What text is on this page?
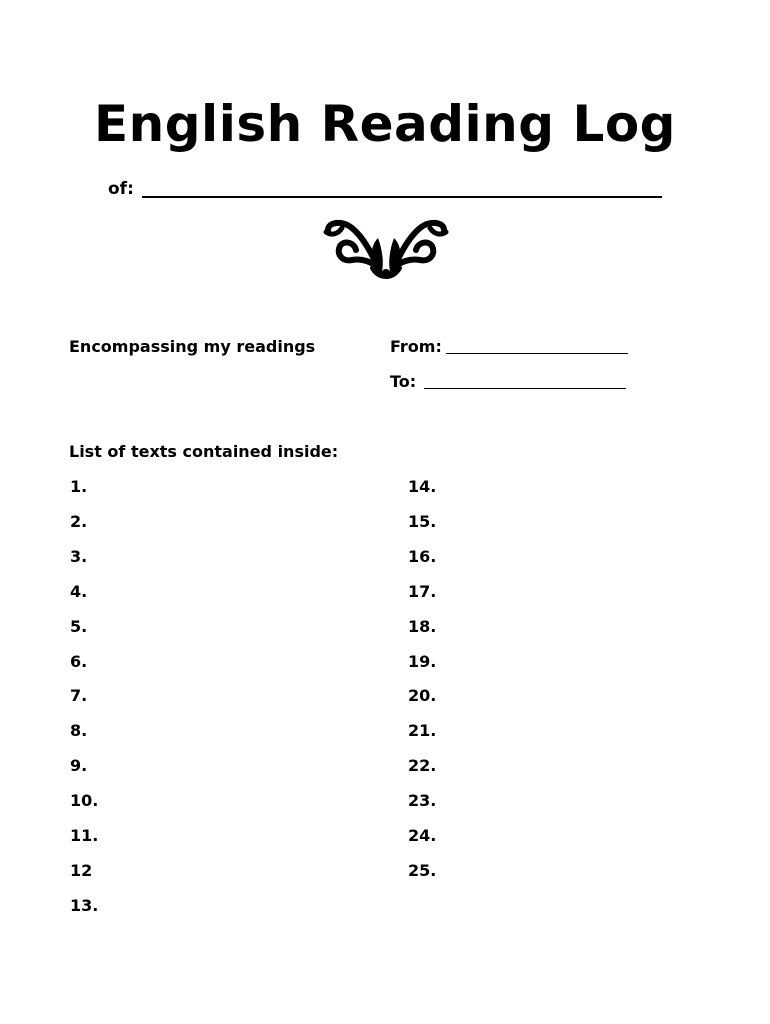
English Reading Log
of:
Encompassing my readings	From:
To:
List of texts contained inside:
1.
2.
3.
4.
5.
6.
7.
8.
9.
10.
11.
12
13.
14.
15.
16.
17.
18.
19.
20.
21.
22.
23.
24.
25.
